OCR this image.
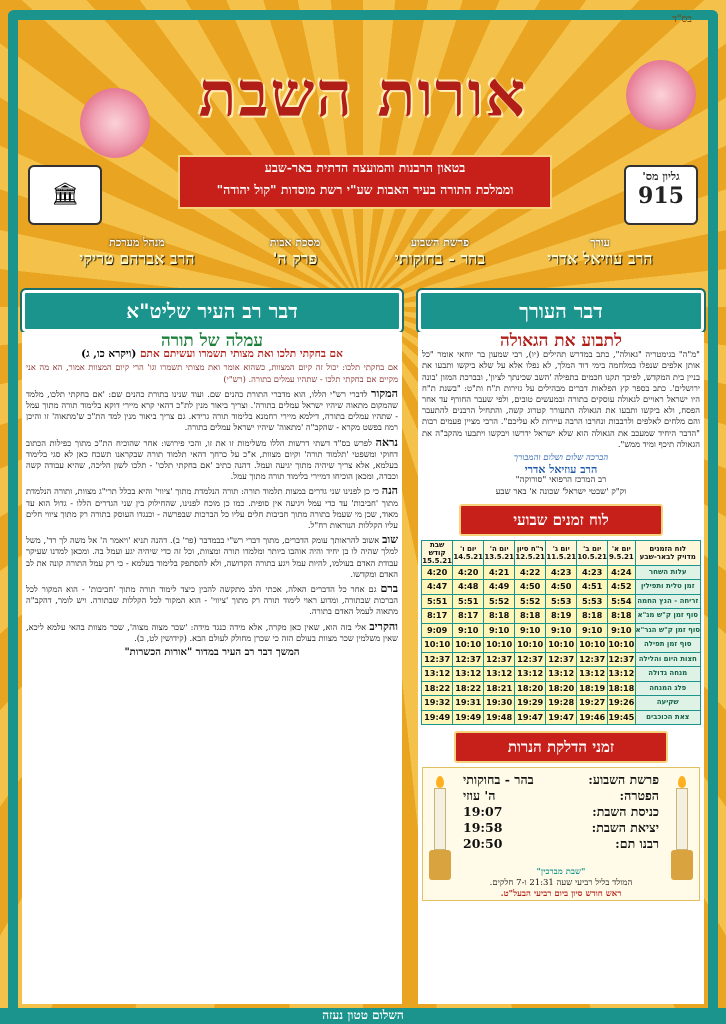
בס"ד
אורות השבת
בטאון הרבנות והמועצה הדתית באר-שבע
וממלכת התורה בעיר האבות שע"י רשת מוסדות "קול יהודה"
גליון מס'
915
🏛
עורך
הרב עוזיאל אדרי
פרשת השבוע
בהר - בחוקותי
מסכת אבות
פרק ה'
מנהל מערכת
הרב אברהם טריקי
דבר העורך
לתבוע את הגאולה
"מ"ה" בגימטריה "גאולה", כתב במדרש תהילים (יו), רבי שמעון בר יוחאי אומר "כל אותן אלפים שנפלו במלחמה בימי דוד המלך, לא נפלו אלא על שלא ביקשו ותבעו את בניין בית המקדש, לפיכך תקנו חכמים בתפילה 'השב שכינתך לציון', ובברכת המזון 'בונה ירושלים'. כתב בספר קץ הפלאות דברים מבהילים על גזירות ת"ח ות"ט: "בשנת ת"ח היו ישראל ראויים לגאולה עוסקים בתורה ובמעשים טובים, ולפי שעבר החורף עד אחר הפסח, ולא ביקשו ותבעו את הגאולה התעורר קטרוג קשה, והתחיל הרבנים להתעבר והם מלחים לאלפים ולרבבות ונחרבו הרבה עיירות לא עליכם". הרבי מציין פעמים רבות "הדבר היחיד שמעכב את הגאולה הוא שלא ישראל ידרשו ויבקשו ויתבעו מהקב"ה את הגאולה תיכף ומיד ממש".
הברכה שלום ושלום והמבורך
הרב עוזיאל אדרי
רב המרכז הרפואי "סורוקה"
וק"ק 'שבטי ישראל' שכונה א' באר שבע
לוח זמנים שבועי
לוח הזמנים
מדויק לבאר-שבע	יום א' 9.5.21	יום ב' 10.5.21	יום ג' 11.5.21	ר"ח סיון 12.5.21	יום ה' 13.5.21	יום ו' 14.5.21	שבת קודש 15.5.21
עלות השחר	4:24	4:23	4:23	4:22	4:21	4:20	4:20
זמן טלית ותפילין	4:52	4:51	4:50	4:50	4:49	4:48	4:47
זריחה - הנץ החמה	5:54	5:53	5:53	5:52	5:52	5:51	5:51
סוף זמן ק"ש מג"א	8:18	8:18	8:19	8:18	8:18	8:17	8:17
סוף זמן ק"ש הגר"א	9:10	9:10	9:10	9:10	9:10	9:10	9:09
סוף זמן תפילה	10:10	10:10	10:10	10:10	10:10	10:10	10:10
חצות היום והלילה	12:37	12:37	12:37	12:37	12:37	12:37	12:37
מנחה גדולה	13:12	13:12	13:12	13:12	13:12	13:12	13:12
פלג המנחה	18:18	18:19	18:20	18:20	18:21	18:22	18:22
שקיעה	19:26	19:27	19:28	19:29	19:30	19:31	19:32
צאת הכוכבים	19:45	19:46	19:47	19:47	19:48	19:49	19:49
זמני הדלקת הנרות
פרשת השבוע:
בהר - בחוקותי
הפטרה:
ה' עוזי
כניסת השבת:
19:07
יציאת השבת:
19:58
רבנו תם:
20:50
"שבת מברכין"
המולד בליל רביעי שעה 21:31 ו-7 חלקים.
ראש חודש סיון ביום רביעי הבעל"ט.
דבר רב העיר שליט"א
עמלה של תורה
אם בחקתי תלכו ואת מצותי תשמרו ועשיתם אתם (ויקרא כו, ג)
אם בחקתי תלכו: יכול זה קיום המצוות, כשהוא אומר ואת מצותי תשמרו וגו' הרי קיום המצוות אמור, הא מה אני מקיים אם בחקתי תלכו - שתהיו עמלים בתורה. (רש"י)
המקור לדברי רש"י הללו, הוא מדברי התורת כהנים שם. ועוד שנינו בתורת כהנים שם: 'אם בחקתי תלכו, מלמד שהמקום מתאוה שיהיו ישראל עמלים בתורה'. וצריך ביאור מנין לת"כ דהאי קרא מיירי דוקא בלימוד תורה מתוך עמל - שתהיו עמלים בתורה, דילמא מיירי רחמנא בלימוד תורה גרידא. גם צריך ביאור מנין למד הת"כ ש'מתאוה' זו והיכן רמוז בפשט מקרא - שהקב"ה 'מתאוה' שיהיו ישראל עמלים בתורה.
נראה לפרש בס"ד דשתי דרשות הללו משלימות זו את זו, והכי פירושו: אחר שהוכיח הת"כ מתוך כפילות הכתוב דחוקי ומשפטי 'תלמוד תורה' וקיום מצוות, א"כ על כרחך דהאי תלמוד תורה שבקראנו תשכח כאן לא סגי בלימוד בעלמא, אלא צריך שיהיה מתוך יגיעה ועמל. דהנה כתיב 'אם בחקתי תלכו' - תלכו לשון הליכה, שהיא עבודה קשה וכבדה, ומכאן הוכיחו דמיירי בלימוד תורה מתוך עמל.
הנה כי כן לפנינו שני גדרים במצות תלמוד תורה: תורה הנלמדת מתוך 'ציווי' והיא בכלל תרי"ג מצוות, ותורה הנלמדת מתוך 'חביבות' עד כדי עמל ויגיעה אין סופית. כמו כן מוכח לפנינו, שהחילוק בין שני הגדרים הללו - גדול הוא עד מאוד, שכן מי שעמל בתורה מתוך חביבות חלים עליו כל הברכות שבפרשה - וכנגדו העוסק בתורה רק מתוך ציווי חלים עליו הקללות הנוראות רח"ל.
שוב אשוב להראותך עומק הדברים, מתוך דברי רש"י בבמדבר (פר' ב). דהנה תניא 'ויאמר ה' אל משה לך רד', משל למלך שהיה לו בן יחיד והיה אוהבו ביותר ומלמדו תורה ומצוות, וכל זה כדי שיהיה יגע ועמל בה. ומכאן למדנו שעיקר עבודת האדם בעולמו, להיות עמל ויגע בתורה הקדושה, ולא להסתפק בלימוד בעלמא - כי רק עמל התורה קונה את לב האדם ומקדשו.
ברם גם אחר כל הדברים האלה, אכתי הלב מתקשה להבין כיצד לימוד תורה מתוך 'חביבות' - הוא המקור לכל הברכות שבתורה, ומדוע ראוי לימוד תורה רק מתוך 'ציווי' - הוא המקור לכל הקללות שבתורה. ויש לומר, דהקב"ה מתאוה לעמל האדם בתורה.
והקריב אלי בזה הוא, שאין כאן מקרה, אלא מידה כנגד מידה: 'שכר מצוה מצוה', שכר מצוות בהאי עלמא ליכא, שאין משלמין שכר מצוות בעולם הזה כי שכרן מחולק לעולם הבא. (קידושין לט, ב).
המשך דבר רב העיר במדור "אורות הכשרות"
השלום טטון נעזה
